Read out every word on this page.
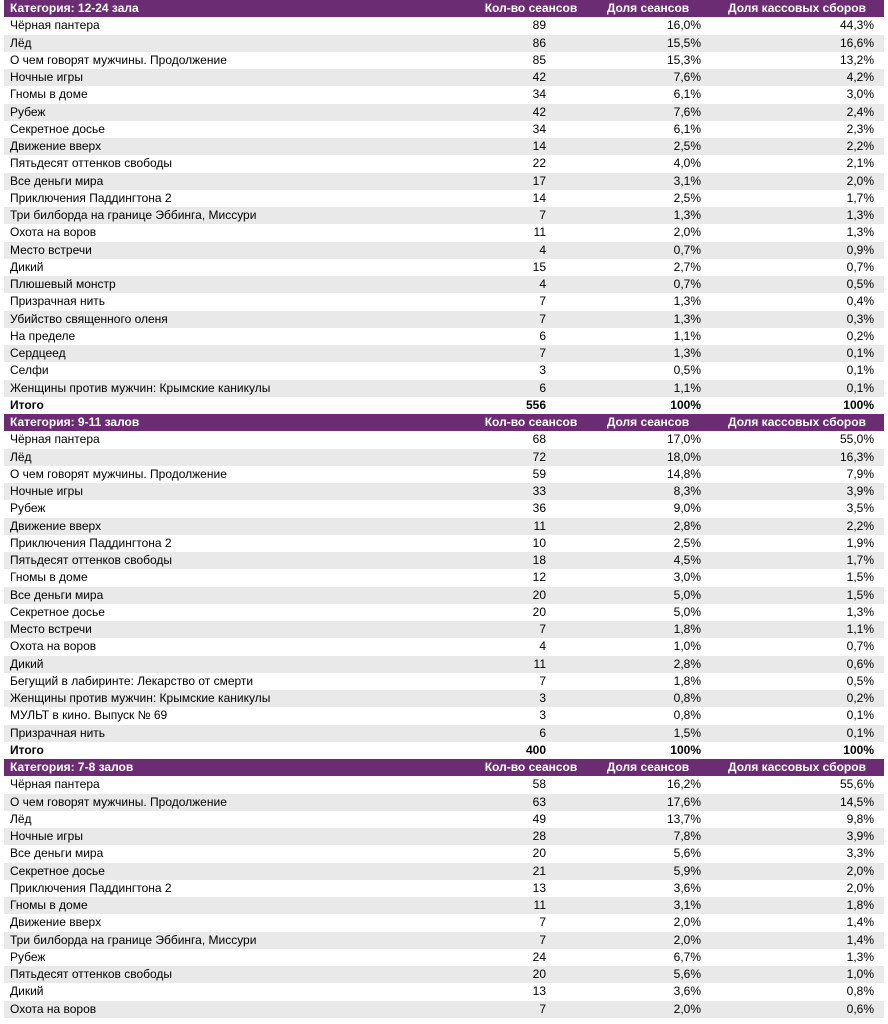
Категория: 12-24 зала	Кол-во сеансов	Доля сеансов	Доля кассовых сборов
Чёрная пантера	89	16,0%	44,3%
Лёд	86	15,5%	16,6%
О чем говорят мужчины. Продолжение	85	15,3%	13,2%
Ночные игры	42	7,6%	4,2%
Гномы в доме	34	6,1%	3,0%
Рубеж	42	7,6%	2,4%
Секретное досье	34	6,1%	2,3%
Движение вверх	14	2,5%	2,2%
Пятьдесят оттенков свободы	22	4,0%	2,1%
Все деньги мира	17	3,1%	2,0%
Приключения Паддингтона 2	14	2,5%	1,7%
Три билборда на границе Эббинга, Миссури	7	1,3%	1,3%
Охота на воров	11	2,0%	1,3%
Место встречи	4	0,7%	0,9%
Дикий	15	2,7%	0,7%
Плюшевый монстр	4	0,7%	0,5%
Призрачная нить	7	1,3%	0,4%
Убийство священного оленя	7	1,3%	0,3%
На пределе	6	1,1%	0,2%
Сердцеед	7	1,3%	0,1%
Селфи	3	0,5%	0,1%
Женщины против мужчин: Крымские каникулы	6	1,1%	0,1%
Итого	556	100%	100%
Категория: 9-11 залов	Кол-во сеансов	Доля сеансов	Доля кассовых сборов
Чёрная пантера	68	17,0%	55,0%
Лёд	72	18,0%	16,3%
О чем говорят мужчины. Продолжение	59	14,8%	7,9%
Ночные игры	33	8,3%	3,9%
Рубеж	36	9,0%	3,5%
Движение вверх	11	2,8%	2,2%
Приключения Паддингтона 2	10	2,5%	1,9%
Пятьдесят оттенков свободы	18	4,5%	1,7%
Гномы в доме	12	3,0%	1,5%
Все деньги мира	20	5,0%	1,5%
Секретное досье	20	5,0%	1,3%
Место встречи	7	1,8%	1,1%
Охота на воров	4	1,0%	0,7%
Дикий	11	2,8%	0,6%
Бегущий в лабиринте: Лекарство от смерти	7	1,8%	0,5%
Женщины против мужчин: Крымские каникулы	3	0,8%	0,2%
МУЛЬТ в кино. Выпуск № 69	3	0,8%	0,1%
Призрачная нить	6	1,5%	0,1%
Итого	400	100%	100%
Категория: 7-8 залов	Кол-во сеансов	Доля сеансов	Доля кассовых сборов
Чёрная пантера	58	16,2%	55,6%
О чем говорят мужчины. Продолжение	63	17,6%	14,5%
Лёд	49	13,7%	9,8%
Ночные игры	28	7,8%	3,9%
Все деньги мира	20	5,6%	3,3%
Секретное досье	21	5,9%	2,0%
Приключения Паддингтона 2	13	3,6%	2,0%
Гномы в доме	11	3,1%	1,8%
Движение вверх	7	2,0%	1,4%
Три билборда на границе Эббинга, Миссури	7	2,0%	1,4%
Рубеж	24	6,7%	1,3%
Пятьдесят оттенков свободы	20	5,6%	1,0%
Дикий	13	3,6%	0,8%
Охота на воров	7	2,0%	0,6%
